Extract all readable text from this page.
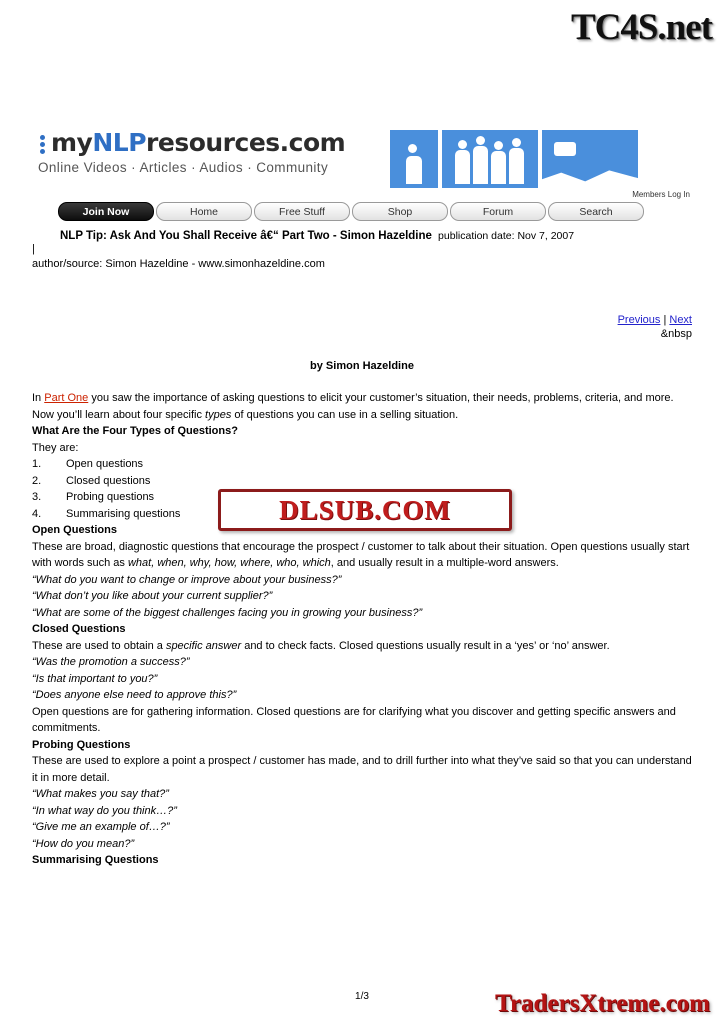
TC4S.net
myNLPresources.com
Online Videos · Articles · Audios · Community
Members Log In
Join Now	Home	Free Stuff	Shop	Forum	Search
NLP Tip: Ask And You Shall Receive â€“ Part Two - Simon Hazeldine publication date: Nov 7, 2007
|
author/source: Simon Hazeldine - www.simonhazeldine.com
Previous | Next
&nbsp
by Simon Hazeldine

In Part One you saw the importance of asking questions to elicit your customer’s situation, their needs, problems, criteria, and more. Now you’ll learn about four specific types of questions you can use in a selling situation.

What Are the Four Types of Questions?

They are:

1. Open questions

2. Closed questions

3. Probing questions

4. Summarising questions

Open Questions

These are broad, diagnostic questions that encourage the prospect / customer to talk about their situation. Open questions usually start with words such as what, when, why, how, where, who, which, and usually result in a multiple-word answers.

“What do you want to change or improve about your business?”

“What don’t you like about your current supplier?”

“What are some of the biggest challenges facing you in growing your business?”

Closed Questions

These are used to obtain a specific answer and to check facts. Closed questions usually result in a ‘yes’ or ‘no’ answer.

“Was the promotion a success?”

“Is that important to you?”

“Does anyone else need to approve this?”

Open questions are for gathering information. Closed questions are for clarifying what you discover and getting specific answers and commitments.

Probing Questions

These are used to explore a point a prospect / customer has made, and to drill further into what they’ve said so that you can understand it in more detail.

“What makes you say that?”

“In what way do you think…?”

“Give me an example of…?”

“How do you mean?”

Summarising Questions

DLSUB.COM
1/3	TradersXtreme.com
